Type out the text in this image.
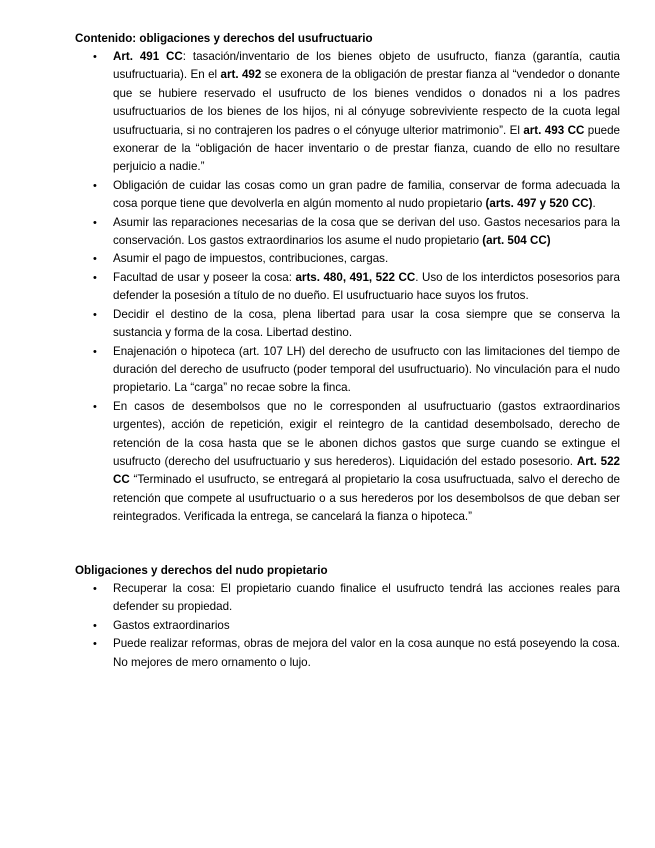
Contenido: obligaciones y derechos del usufructuario

• Art. 491 CC: tasación/inventario de los bienes objeto de usufructo, fianza (garantía, cautia usufructuaria). En el art. 492 se exonera de la obligación de prestar fianza al “vendedor o donante que se hubiere reservado el usufructo de los bienes vendidos o donados ni a los padres usufructuarios de los bienes de los hijos, ni al cónyuge sobreviviente respecto de la cuota legal usufructuaria, si no contrajeren los padres o el cónyuge ulterior matrimonio”. El art. 493 CC puede exonerar de la “obligación de hacer inventario o de prestar fianza, cuando de ello no resultare perjuicio a nadie.”
• Obligación de cuidar las cosas como un gran padre de familia, conservar de forma adecuada la cosa porque tiene que devolverla en algún momento al nudo propietario (arts. 497 y 520 CC).
• Asumir las reparaciones necesarias de la cosa que se derivan del uso. Gastos necesarios para la conservación. Los gastos extraordinarios los asume el nudo propietario (art. 504 CC)
• Asumir el pago de impuestos, contribuciones, cargas.
• Facultad de usar y poseer la cosa: arts. 480, 491, 522 CC. Uso de los interdictos posesorios para defender la posesión a título de no dueño. El usufructuario hace suyos los frutos.
• Decidir el destino de la cosa, plena libertad para usar la cosa siempre que se conserva la sustancia y forma de la cosa. Libertad destino.
• Enajenación o hipoteca (art. 107 LH) del derecho de usufructo con las limitaciones del tiempo de duración del derecho de usufructo (poder temporal del usufructuario). No vinculación para el nudo propietario. La “carga” no recae sobre la finca.
• En casos de desembolsos que no le corresponden al usufructuario (gastos extraordinarios urgentes), acción de repetición, exigir el reintegro de la cantidad desembolsado, derecho de retención de la cosa hasta que se le abonen dichos gastos que surge cuando se extingue el usufructo (derecho del usufructuario y sus herederos). Liquidación del estado posesorio. Art. 522 CC “Terminado el usufructo, se entregará al propietario la cosa usufructuada, salvo el derecho de retención que compete al usufructuario o a sus herederos por los desembolsos de que deban ser reintegrados. Verificada la entrega, se cancelará la fianza o hipoteca.”

Obligaciones y derechos del nudo propietario

• Recuperar la cosa: El propietario cuando finalice el usufructo tendrá las acciones reales para defender su propiedad.
• Gastos extraordinarios
• Puede realizar reformas, obras de mejora del valor en la cosa aunque no está poseyendo la cosa. No mejores de mero ornamento o lujo.
